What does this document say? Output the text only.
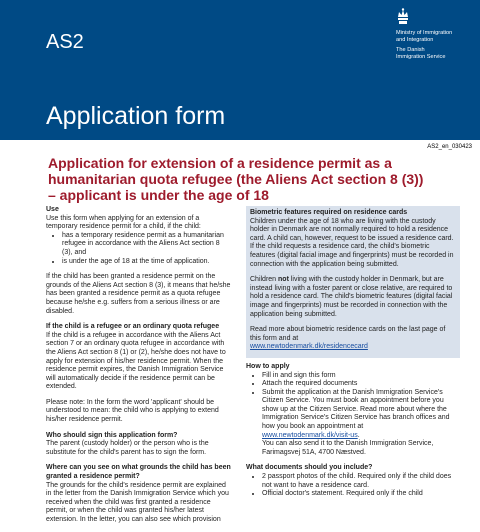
AS2
Application form
Ministry of Immigration
and Integration
The Danish
Immigration Service
AS2_en_030423
Application for extension of a residence permit as a
humanitarian quota refugee (the Aliens Act section 8 (3))
– applicant is under the age of 18
Use

Use this form when applying for an extension of a temporary residence permit for a child, if the child:

• has a temporary residence permit as a humanitarian refugee in accordance with the Aliens Act section 8 (3), and
• is under the age of 18 at the time of application.

If the child has been granted a residence permit on the grounds of the Aliens Act section 8 (3), it means that he/she has been granted a residence permit as a quota refugee because he/she e.g. suffers from a serious illness or are disabled.

If the child is a refugee or an ordinary quota refugee

If the child is a refugee in accordance with the Aliens Act section 7 or an ordinary quota refugee in accordance with the Aliens Act section 8 (1) or (2), he/she does not have to apply for extension of his/her residence permit. When the residence permit expires, the Danish Immigration Service will automatically decide if the residence permit can be extended.

Please note: In the form the word 'applicant' should be understood to mean: the child who is applying to extend his/her residence permit.

Who should sign this application form?

The parent (custody holder) or the person who is the substitute for the child's parent has to sign the form.

Where can you see on what grounds the child has been granted a residence permit?

The grounds for the child's residence permit are explained in the letter from the Danish Immigration Service which you received when the child was first granted a residence permit, or when the child was granted his/her latest extension. In the letter, you can also see which provision

Biometric features required on residence cards

Children under the age of 18 who are living with the custody holder in Denmark are not normally required to hold a residence card. A child can, however, request to be issued a residence card. If the child requests a residence card, the child's biometric features (digital facial image and fingerprints) must be recorded in connection with the application being submitted.

Children not living with the custody holder in Denmark, but are instead living with a foster parent or close relative, are required to hold a residence card. The child's biometric features (digital facial image and fingerprints) must be recorded in connection with the application being submitted.

Read more about biometric residence cards on the last page of this form and at
www.newtodenmark.dk/residencecard

How to apply
• Fill in and sign this form
• Attach the required documents
• Submit the application at the Danish Immigration Service's Citizen Service. You must book an appointment before you show up at the Citizen Service. Read more about where the Immigration Service's Citizen Service has branch offices and how you book an appointment at
www.newtodenmark.dk/visit-us.
You can also send it to the Danish Immigration Service, Farimagsvej 51A, 4700 Næstved.
What documents should you include?
• 2 passport photos of the child. Required only if the child does not want to have a residence card.
• Official doctor's statement. Required only if the child
